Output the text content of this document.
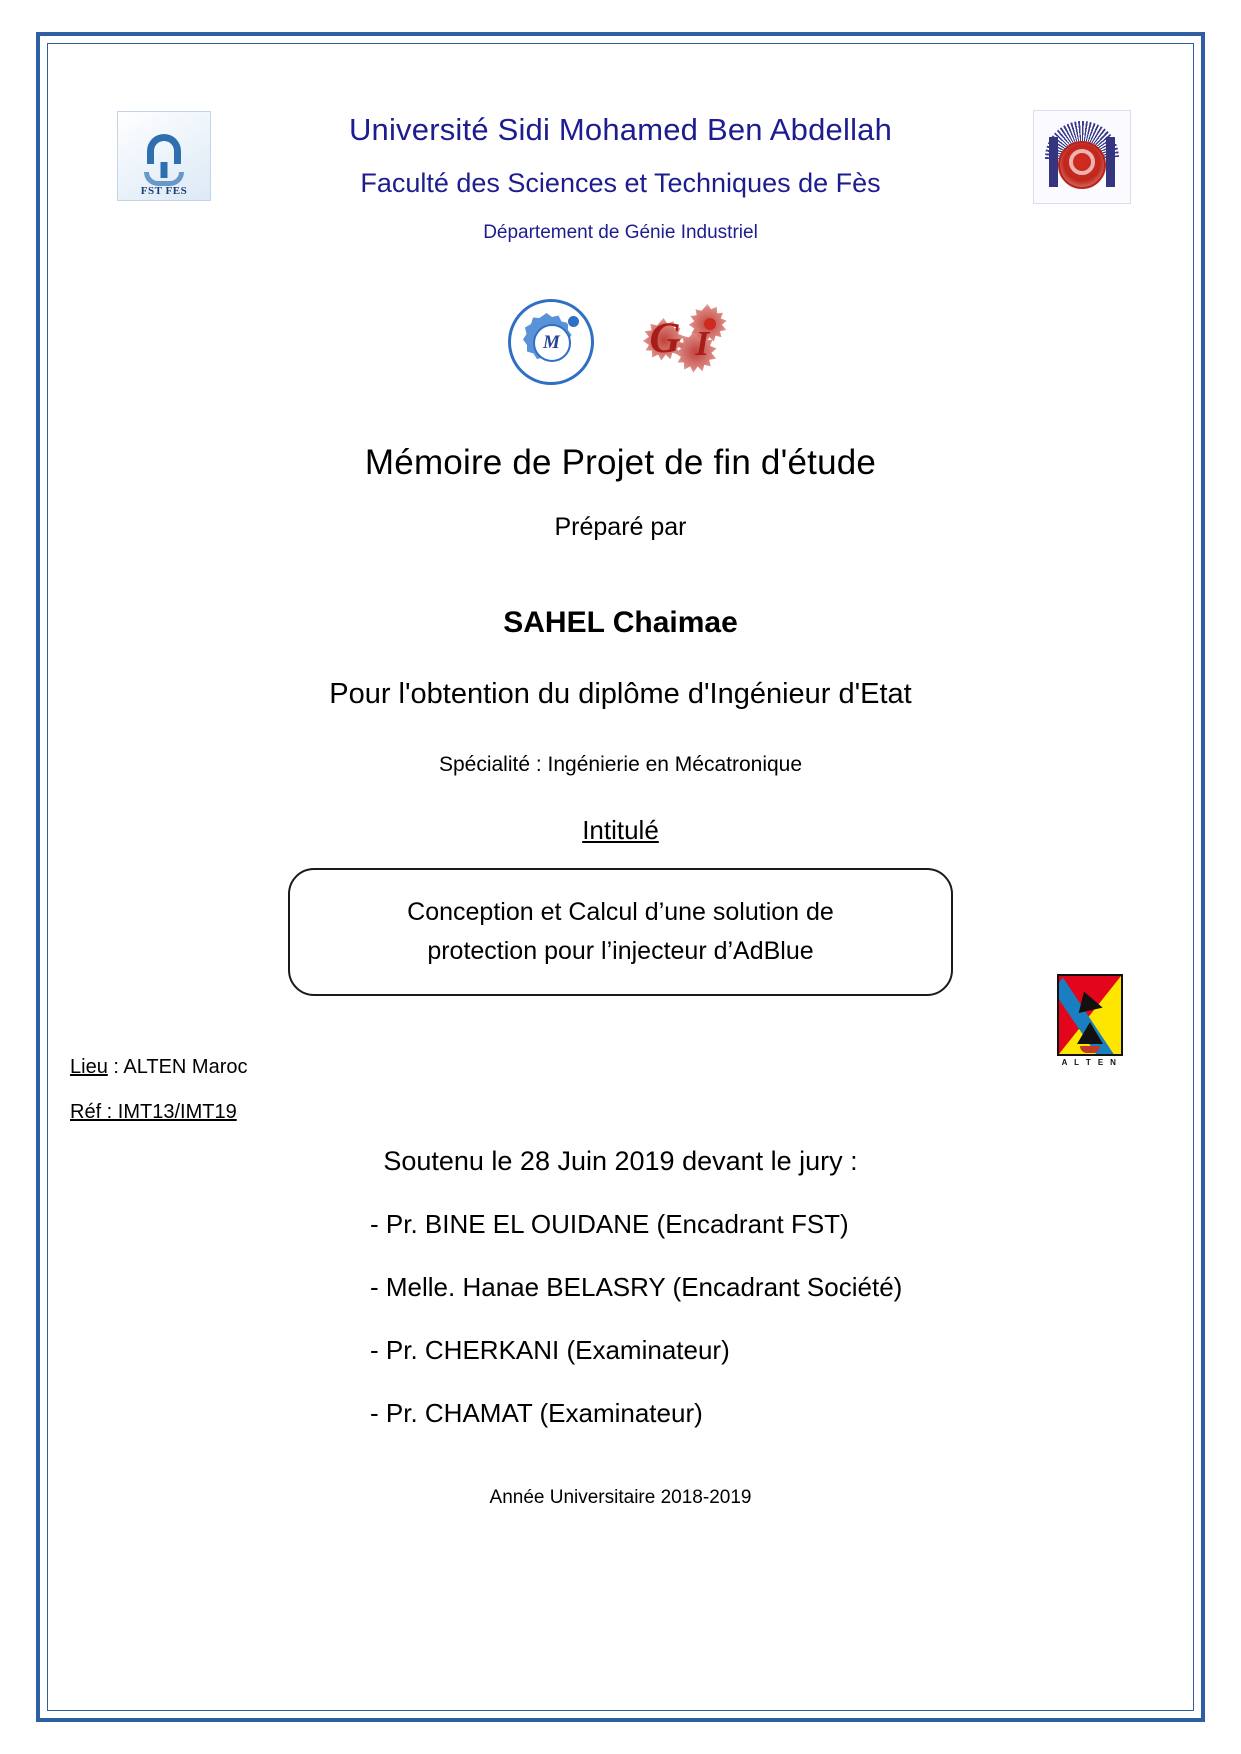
FST FES
Université Sidi Mohamed Ben Abdellah
Faculté des Sciences et Techniques de Fès
Département de Génie Industriel
M G I
Mémoire de Projet de fin d'étude
Préparé par
SAHEL Chaimae
Pour l'obtention du diplôme d'Ingénieur d'Etat
Spécialité : Ingénierie en Mécatronique
Intitulé
Conception et Calcul d’une solution de
protection pour l’injecteur d’AdBlue
A L T E N
Lieu : ALTEN Maroc
Réf : IMT13/IMT19
Soutenu le 28 Juin 2019 devant le jury :
- Pr. BINE EL OUIDANE (Encadrant FST)
- Melle. Hanae BELASRY (Encadrant Société)
- Pr. CHERKANI (Examinateur)
- Pr. CHAMAT (Examinateur)
Année Universitaire 2018-2019
